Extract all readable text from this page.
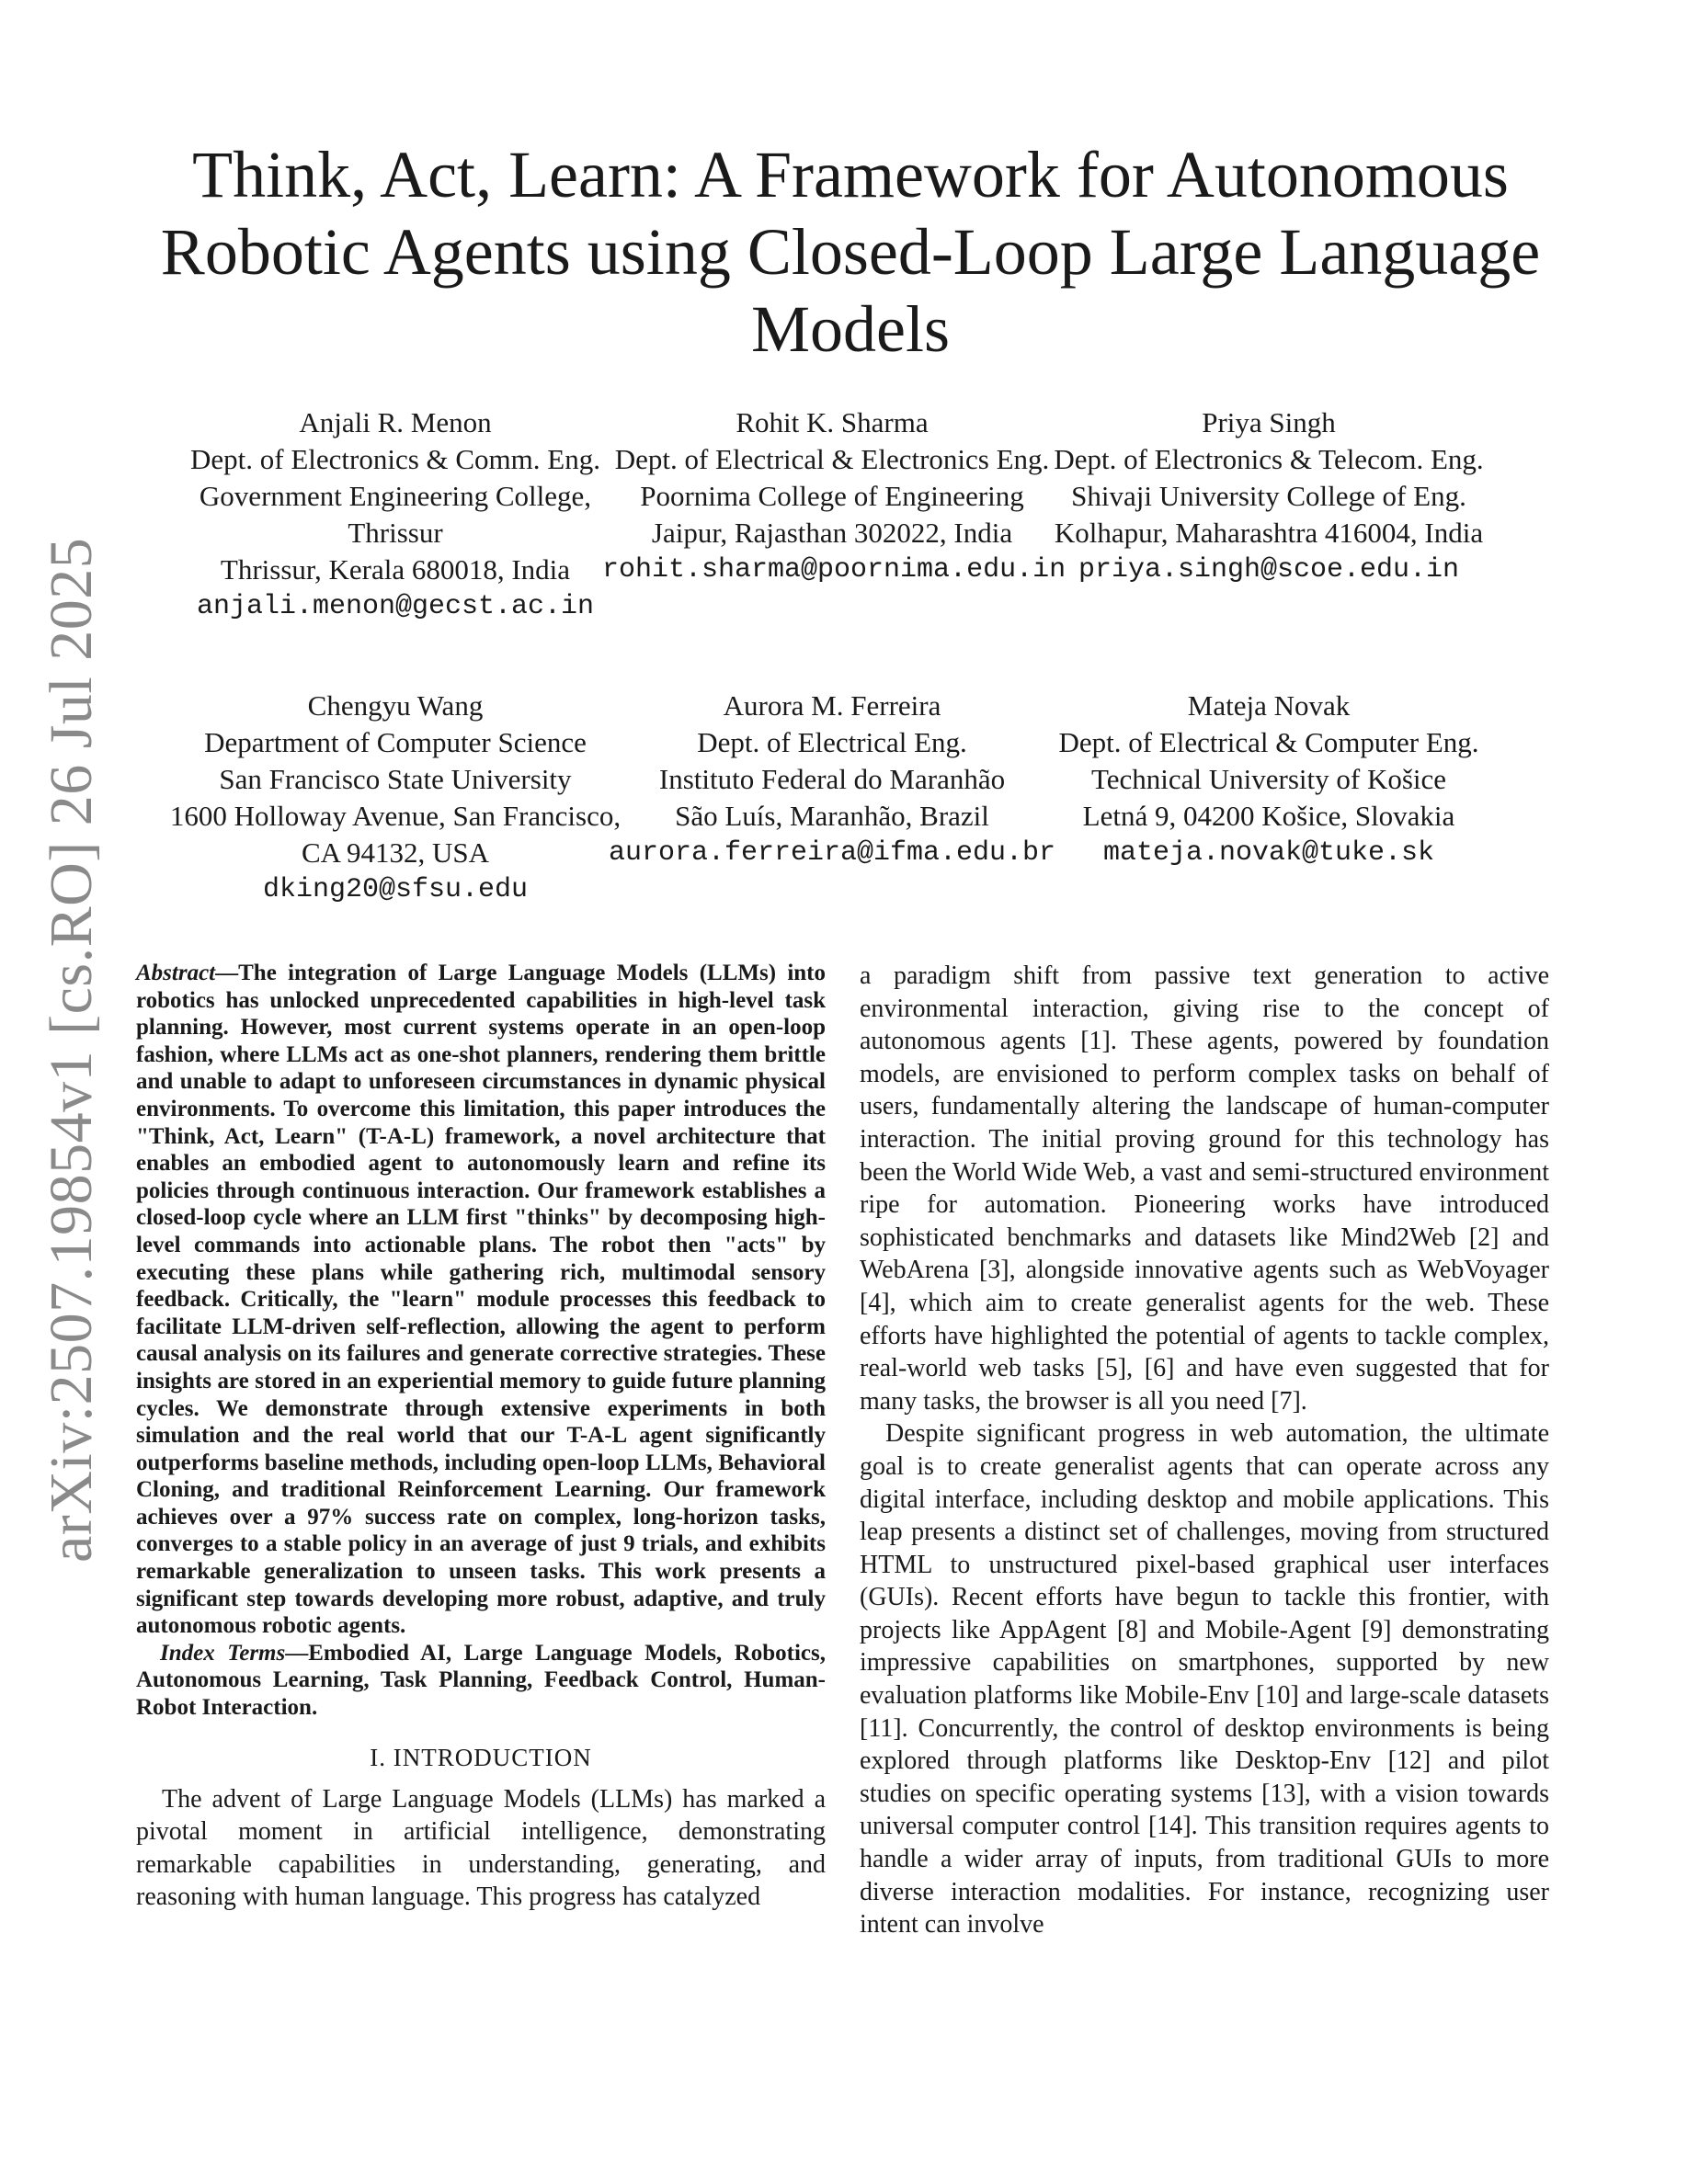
arXiv:2507.19854v1 [cs.RO] 26 Jul 2025
Think, Act, Learn: A Framework for Autonomous Robotic Agents using Closed-Loop Large Language Models
Anjali R. Menon
Dept. of Electronics & Comm. Eng.
Government Engineering College, Thrissur
Thrissur, Kerala 680018, India
anjali.menon@gecst.ac.in
Rohit K. Sharma
Dept. of Electrical & Electronics Eng.
Poornima College of Engineering
Jaipur, Rajasthan 302022, India
rohit.sharma@poornima.edu.in
Priya Singh
Dept. of Electronics & Telecom. Eng.
Shivaji University College of Eng.
Kolhapur, Maharashtra 416004, India
priya.singh@scoe.edu.in
Chengyu Wang
Department of Computer Science
San Francisco State University
1600 Holloway Avenue, San Francisco, CA 94132, USA
dking20@sfsu.edu
Aurora M. Ferreira
Dept. of Electrical Eng.
Instituto Federal do Maranhão
São Luís, Maranhão, Brazil
aurora.ferreira@ifma.edu.br
Mateja Novak
Dept. of Electrical & Computer Eng.
Technical University of Košice
Letná 9, 04200 Košice, Slovakia
mateja.novak@tuke.sk

Abstract—The integration of Large Language Models (LLMs) into robotics has unlocked unprecedented capabilities in high-level task planning. However, most current systems operate in an open-loop fashion, where LLMs act as one-shot planners, rendering them brittle and unable to adapt to unforeseen circumstances in dynamic physical environments. To overcome this limitation, this paper introduces the "Think, Act, Learn" (T-A-L) framework, a novel architecture that enables an embodied agent to autonomously learn and refine its policies through continuous interaction. Our framework establishes a closed-loop cycle where an LLM first "thinks" by decomposing high-level commands into actionable plans. The robot then "acts" by executing these plans while gathering rich, multimodal sensory feedback. Critically, the "learn" module processes this feedback to facilitate LLM-driven self-reflection, allowing the agent to perform causal analysis on its failures and generate corrective strategies. These insights are stored in an experiential memory to guide future planning cycles. We demonstrate through extensive experiments in both simulation and the real world that our T-A-L agent significantly outperforms baseline methods, including open-loop LLMs, Behavioral Cloning, and traditional Reinforcement Learning. Our framework achieves over a 97% success rate on complex, long-horizon tasks, converges to a stable policy in an average of just 9 trials, and exhibits remarkable generalization to unseen tasks. This work presents a significant step towards developing more robust, adaptive, and truly autonomous robotic agents.

Index Terms—Embodied AI, Large Language Models, Robotics, Autonomous Learning, Task Planning, Feedback Control, Human-Robot Interaction.

I. INTRODUCTION

The advent of Large Language Models (LLMs) has marked a pivotal moment in artificial intelligence, demonstrating remarkable capabilities in understanding, generating, and reasoning with human language. This progress has catalyzed

a paradigm shift from passive text generation to active environmental interaction, giving rise to the concept of autonomous agents [1]. These agents, powered by foundation models, are envisioned to perform complex tasks on behalf of users, fundamentally altering the landscape of human-computer interaction. The initial proving ground for this technology has been the World Wide Web, a vast and semi-structured environment ripe for automation. Pioneering works have introduced sophisticated benchmarks and datasets like Mind2Web [2] and WebArena [3], alongside innovative agents such as WebVoyager [4], which aim to create generalist agents for the web. These efforts have highlighted the potential of agents to tackle complex, real-world web tasks [5], [6] and have even suggested that for many tasks, the browser is all you need [7].

Despite significant progress in web automation, the ultimate goal is to create generalist agents that can operate across any digital interface, including desktop and mobile applications. This leap presents a distinct set of challenges, moving from structured HTML to unstructured pixel-based graphical user interfaces (GUIs). Recent efforts have begun to tackle this frontier, with projects like AppAgent [8] and Mobile-Agent [9] demonstrating impressive capabilities on smartphones, supported by new evaluation platforms like Mobile-Env [10] and large-scale datasets [11]. Concurrently, the control of desktop environments is being explored through platforms like Desktop-Env [12] and pilot studies on specific operating systems [13], with a vision towards universal computer control [14]. This transition requires agents to handle a wider array of inputs, from traditional GUIs to more diverse interaction modalities. For instance, recognizing user intent can involve
